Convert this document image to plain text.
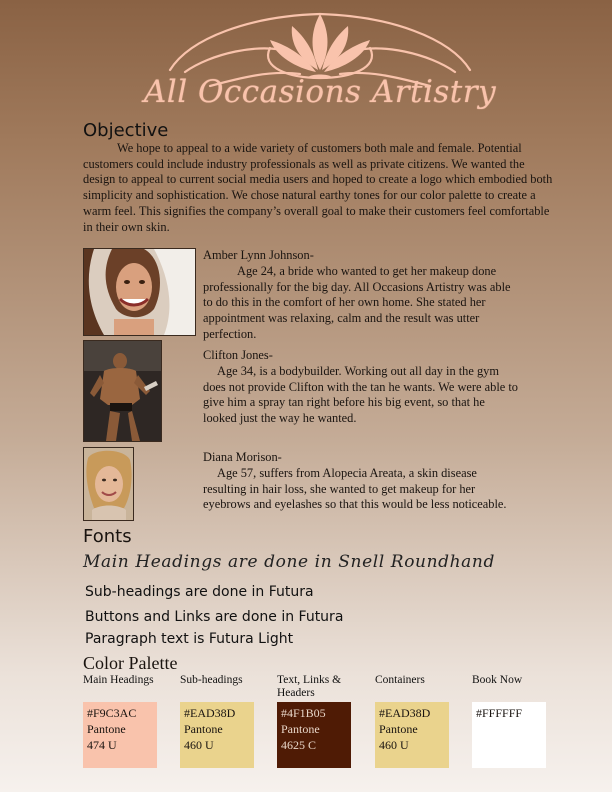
All Occasions Artistry
Objective
We hope to appeal to a wide variety of customers both male and female. Potential customers could include industry professionals as well as private citizens. We wanted the design to appeal to current social media users and hoped to create a logo which embodied both simplicity and sophistication. We chose natural earthy tones for our color palette to create a warm feel. This signifies the company’s overall goal to make their customers feel comfortable in their own skin.
Amber Lynn Johnson-
Age 24, a bride who wanted to get her makeup done professionally for the big day. All Occasions Artistry was able to do this in the comfort of her own home. She stated her appointment was relaxing, calm and the result was utter perfection.
Clifton Jones-
Age 34, is a bodybuilder. Working out all day in the gym does not provide Clifton with the tan he wants. We were able to give him a spray tan right before his big event, so that he looked just the way he wanted.
Diana Morison-
Age 57, suffers from Alopecia Areata, a skin disease resulting in hair loss, she wanted to get makeup for her eyebrows and eyelashes so that this would be less noticeable.
Fonts
Main Headings are done in Snell Roundhand
Sub-headings are done in Futura
Buttons and Links are done in Futura
Paragraph text is Futura Light
Color Palette
Main Headings Sub-headings	Text, Links & Headers
Containers	Book Now
#F9C3AC
Pantone
474 U
#EAD38D
Pantone
460 U
#4F1B05
Pantone
4625 C
#EAD38D
Pantone
460 U
#FFFFFF
